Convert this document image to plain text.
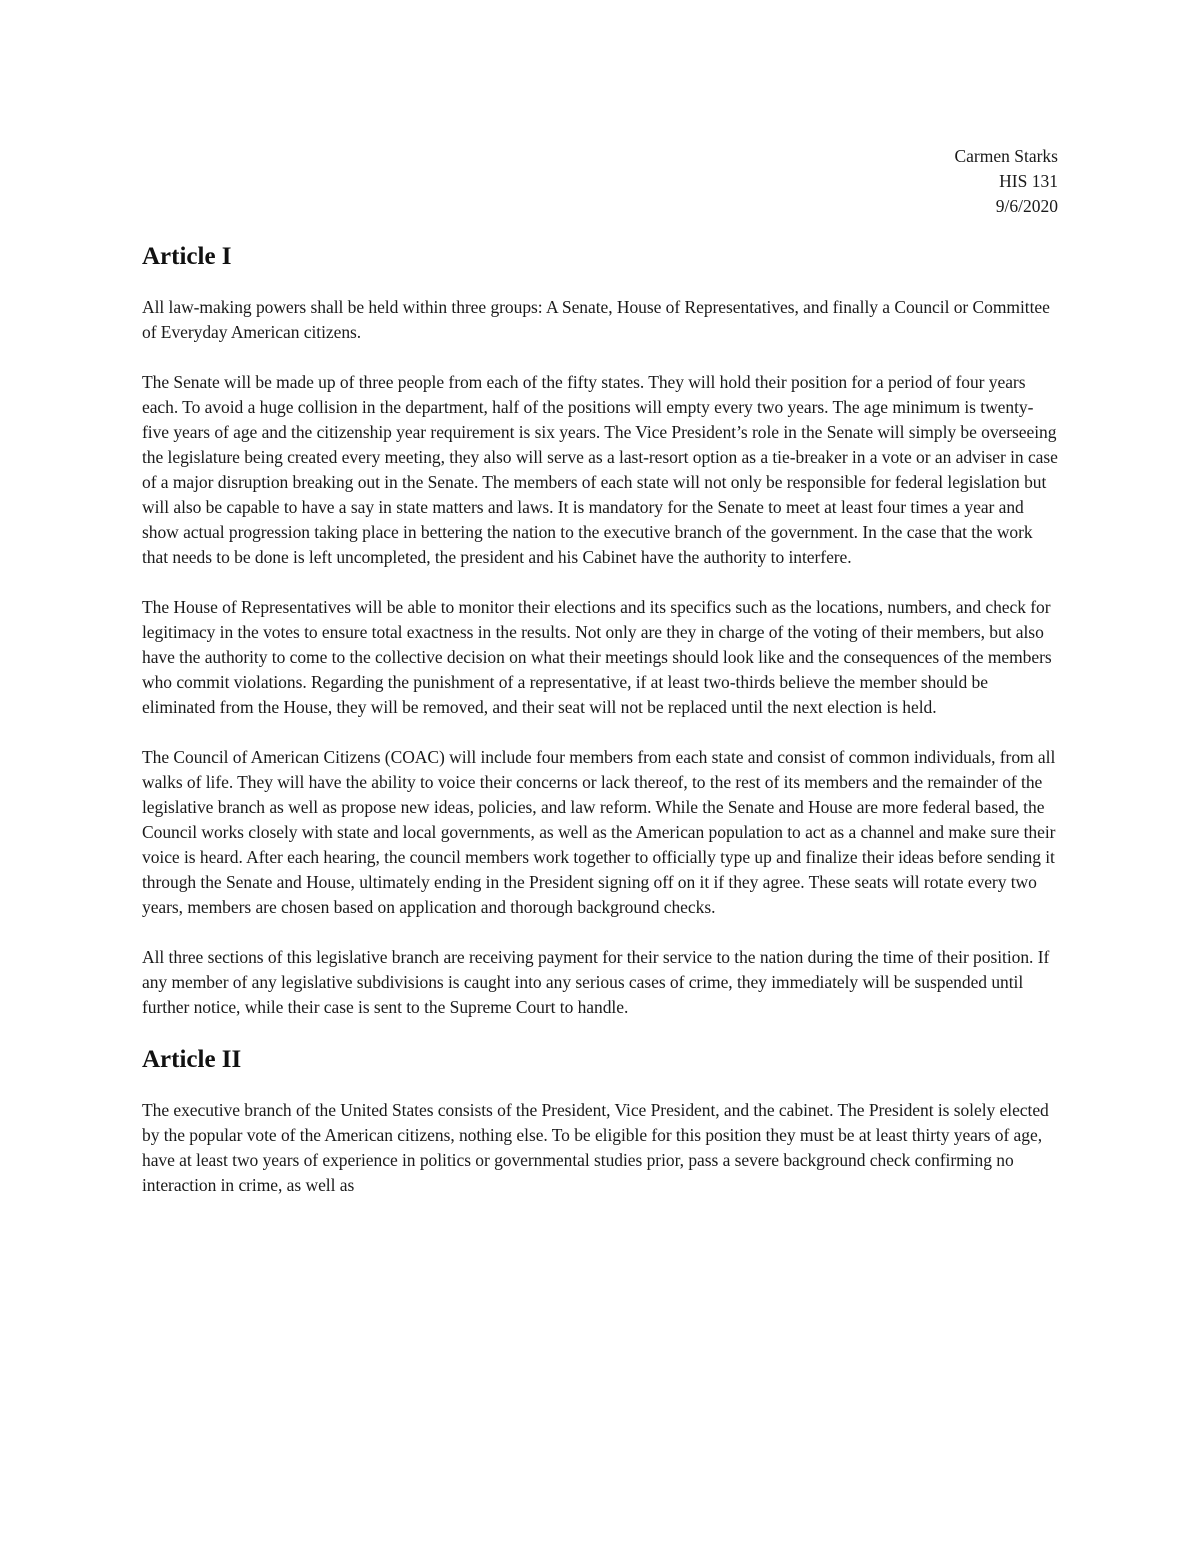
Carmen Starks
HIS 131
9/6/2020
Article I

All law-making powers shall be held within three groups: A Senate, House of Representatives, and finally a Council or Committee of Everyday American citizens.

The Senate will be made up of three people from each of the fifty states. They will hold their position for a period of four years each. To avoid a huge collision in the department, half of the positions will empty every two years. The age minimum is twenty-five years of age and the citizenship year requirement is six years. The Vice President’s role in the Senate will simply be overseeing the legislature being created every meeting, they also will serve as a last-resort option as a tie-breaker in a vote or an adviser in case of a major disruption breaking out in the Senate. The members of each state will not only be responsible for federal legislation but will also be capable to have a say in state matters and laws. It is mandatory for the Senate to meet at least four times a year and show actual progression taking place in bettering the nation to the executive branch of the government. In the case that the work that needs to be done is left uncompleted, the president and his Cabinet have the authority to interfere.

The House of Representatives will be able to monitor their elections and its specifics such as the locations, numbers, and check for legitimacy in the votes to ensure total exactness in the results. Not only are they in charge of the voting of their members, but also have the authority to come to the collective decision on what their meetings should look like and the consequences of the members who commit violations. Regarding the punishment of a representative, if at least two-thirds believe the member should be eliminated from the House, they will be removed, and their seat will not be replaced until the next election is held.

The Council of American Citizens (COAC) will include four members from each state and consist of common individuals, from all walks of life. They will have the ability to voice their concerns or lack thereof, to the rest of its members and the remainder of the legislative branch as well as propose new ideas, policies, and law reform. While the Senate and House are more federal based, the Council works closely with state and local governments, as well as the American population to act as a channel and make sure their voice is heard. After each hearing, the council members work together to officially type up and finalize their ideas before sending it through the Senate and House, ultimately ending in the President signing off on it if they agree. These seats will rotate every two years, members are chosen based on application and thorough background checks.

All three sections of this legislative branch are receiving payment for their service to the nation during the time of their position. If any member of any legislative subdivisions is caught into any serious cases of crime, they immediately will be suspended until further notice, while their case is sent to the Supreme Court to handle.

Article II

The executive branch of the United States consists of the President, Vice President, and the cabinet. The President is solely elected by the popular vote of the American citizens, nothing else. To be eligible for this position they must be at least thirty years of age, have at least two years of experience in politics or governmental studies prior, pass a severe background check confirming no interaction in crime, as well as
